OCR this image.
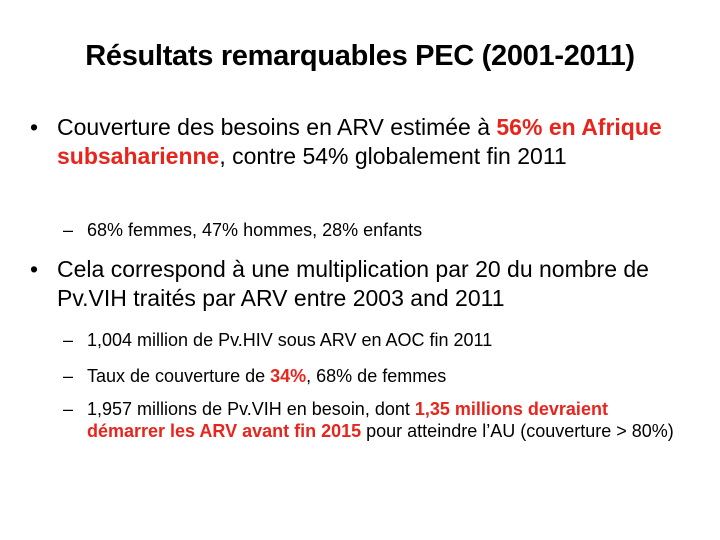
Résultats remarquables PEC (2001-2011)
• Couverture des besoins en ARV estimée à 56% en Afrique subsaharienne, contre 54% globalement fin 2011
– 68% femmes, 47% hommes, 28% enfants
• Cela correspond à une multiplication par 20 du nombre de Pv.VIH traités par ARV entre 2003 and 2011
– 1,004 million de Pv.HIV sous ARV en AOC fin 2011
– Taux de couverture de 34%, 68% de femmes
– 1,957 millions de Pv.VIH en besoin, dont 1,35 millions devraient démarrer les ARV avant fin 2015 pour atteindre l’AU (couverture > 80%)
